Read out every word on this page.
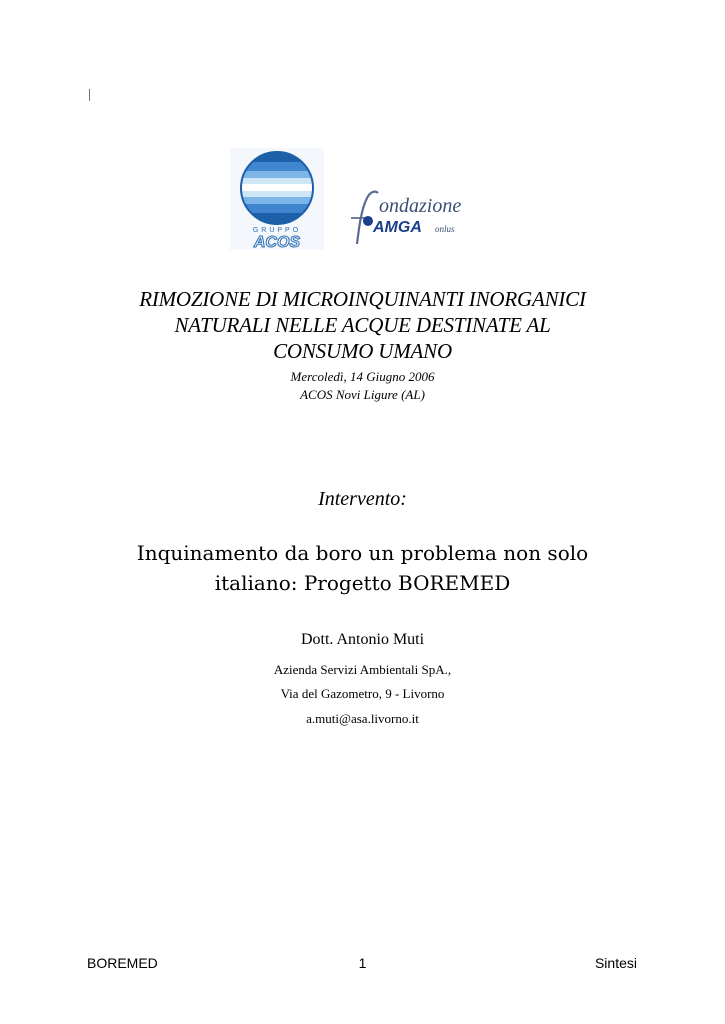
GRUPPO
ACOS
ondazione
AMGA onlus
RIMOZIONE DI MICROINQUINANTI INORGANICI
NATURALI NELLE ACQUE DESTINATE AL
CONSUMO UMANO
Mercoledì, 14 Giugno 2006
ACOS Novi Ligure (AL)
Intervento:
Inquinamento da boro un problema non solo
italiano: Progetto BOREMED
Dott. Antonio Muti
Azienda Servizi Ambientali SpA.,
Via del Gazometro, 9 - Livorno
a.muti@asa.livorno.it
BOREMED	1	Sintesi
